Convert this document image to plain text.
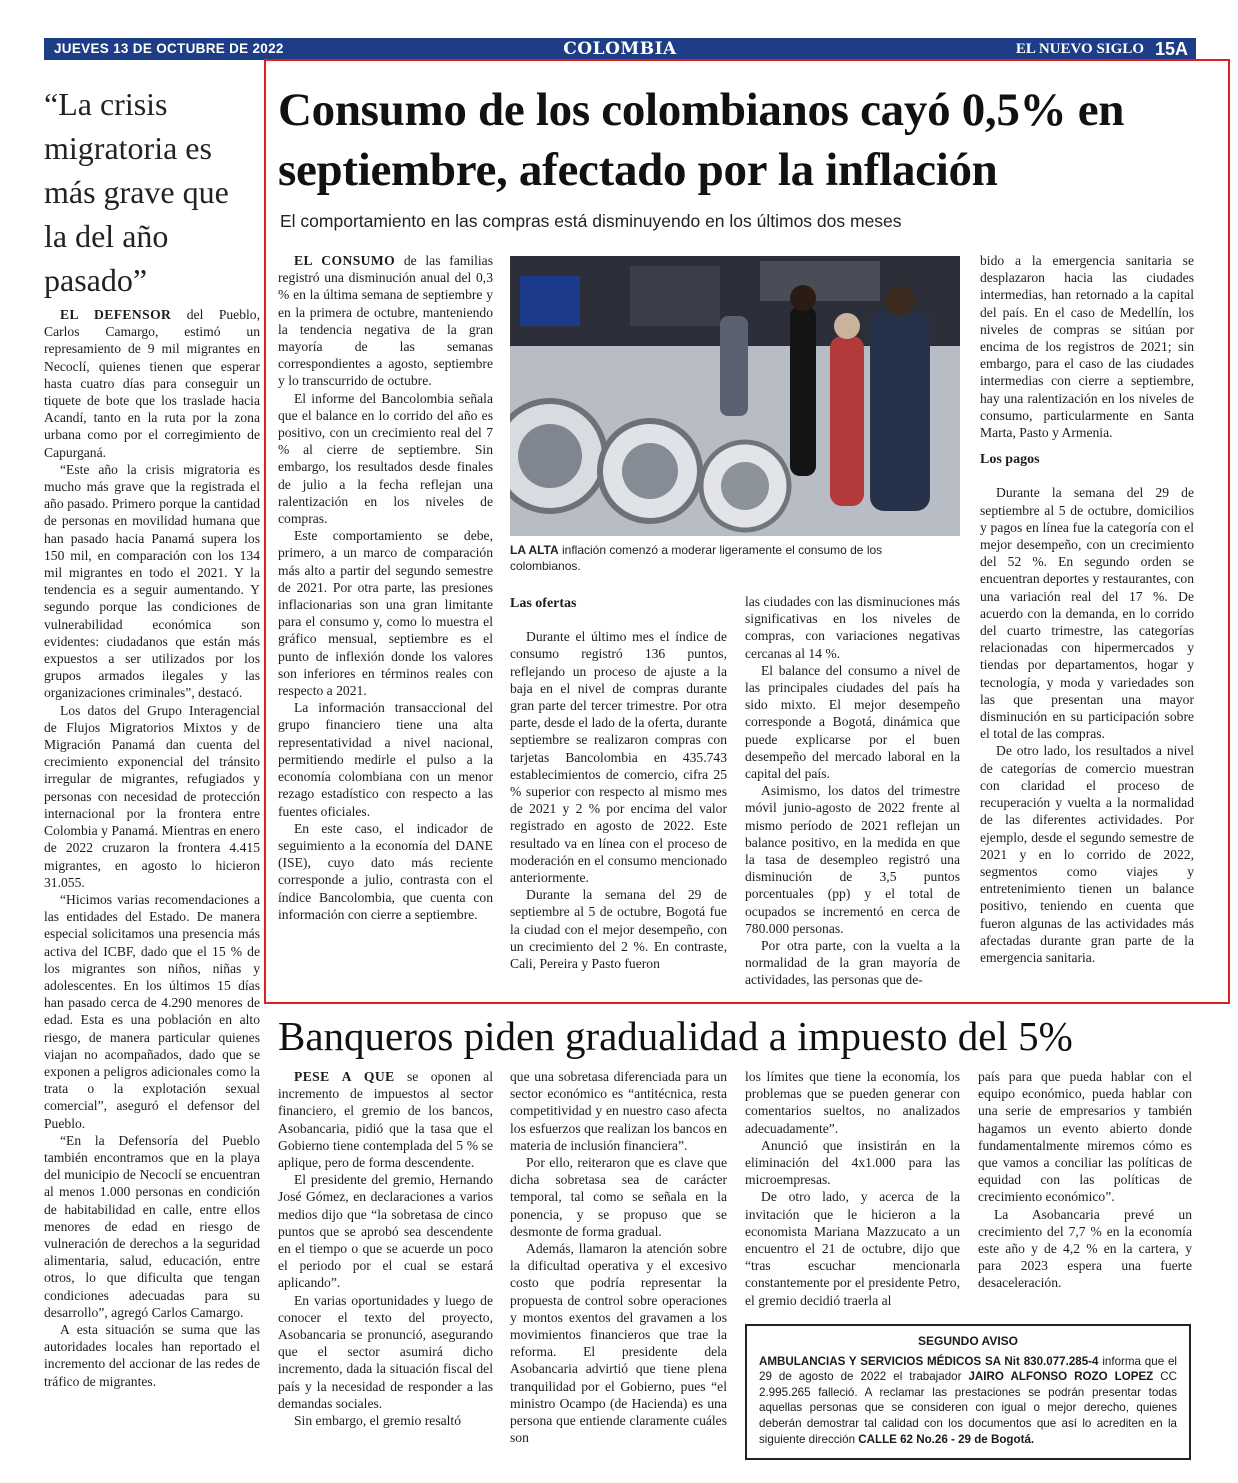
JUEVES 13 DE OCTUBRE DE 2022	COLOMBIA	EL NUEVO SIGLO 15A
“La crisis migratoria es más grave que la del año pasado”

EL DEFENSOR del Pueblo, Carlos Camargo, estimó un represamiento de 9 mil migrantes en Necoclí, quienes tienen que esperar hasta cuatro días para conseguir un tiquete de bote que los traslade hacia Acandí, tanto en la ruta por la zona urbana como por el corregimiento de Capurganá.

“Este año la crisis migratoria es mucho más grave que la registrada el año pasado. Primero porque la cantidad de personas en movilidad humana que han pasado hacia Panamá supera los 150 mil, en comparación con los 134 mil migrantes en todo el 2021. Y la tendencia es a seguir aumentando. Y segundo porque las condiciones de vulnerabilidad económica son evidentes: ciudadanos que están más expuestos a ser utilizados por los grupos armados ilegales y las organizaciones criminales”, destacó.

Los datos del Grupo Interagencial de Flujos Migratorios Mixtos y de Migración Panamá dan cuenta del crecimiento exponencial del tránsito irregular de migrantes, refugiados y personas con necesidad de protección internacional por la frontera entre Colombia y Panamá. Mientras en enero de 2022 cruzaron la frontera 4.415 migrantes, en agosto lo hicieron 31.055.

“Hicimos varias recomendaciones a las entidades del Estado. De manera especial solicitamos una presencia más activa del ICBF, dado que el 15 % de los migrantes son niños, niñas y adolescentes. En los últimos 15 días han pasado cerca de 4.290 menores de edad. Esta es una población en alto riesgo, de manera particular quienes viajan no acompañados, dado que se exponen a peligros adicionales como la trata o la explotación sexual comercial”, aseguró el defensor del Pueblo.

“En la Defensoría del Pueblo también encontramos que en la playa del municipio de Necoclí se encuentran al menos 1.000 personas en condición de habitabilidad en calle, entre ellos menores de edad en riesgo de vulneración de derechos a la seguridad alimentaria, salud, educación, entre otros, lo que dificulta que tengan condiciones adecuadas para su desarrollo”, agregó Carlos Camargo.

A esta situación se suma que las autoridades locales han reportado el incremento del accionar de las redes de tráfico de migrantes.

Consumo de los colombianos cayó 0,5% en septiembre, afectado por la inflación
El comportamiento en las compras está disminuyendo en los últimos dos meses

EL CONSUMO de las familias registró una disminución anual del 0,3 % en la última semana de septiembre y en la primera de octubre, manteniendo la tendencia negativa de la gran mayoría de las semanas correspondientes a agosto, septiembre y lo transcurrido de octubre.

El informe del Bancolombia señala que el balance en lo corrido del año es positivo, con un crecimiento real del 7 % al cierre de septiembre. Sin embargo, los resultados desde finales de julio a la fecha reflejan una ralentización en los niveles de compras.

Este comportamiento se debe, primero, a un marco de comparación más alto a partir del segundo semestre de 2021. Por otra parte, las presiones inflacionarias son una gran limitante para el consumo y, como lo muestra el gráfico mensual, septiembre es el punto de inflexión donde los valores son inferiores en términos reales con respecto a 2021.

La información transaccional del grupo financiero tiene una alta representatividad a nivel nacional, permitiendo medirle el pulso a la economía colombiana con un menor rezago estadístico con respecto a las fuentes oficiales.

En este caso, el indicador de seguimiento a la economía del DANE (ISE), cuyo dato más reciente corresponde a julio, contrasta con el índice Bancolombia, que cuenta con información con cierre a septiembre.

LA ALTA inflación comenzó a moderar ligeramente el consumo de los colombianos.

Las ofertas

Durante el último mes el índice de consumo registró 136 puntos, reflejando un proceso de ajuste a la baja en el nivel de compras durante gran parte del tercer trimestre. Por otra parte, desde el lado de la oferta, durante septiembre se realizaron compras con tarjetas Bancolombia en 435.743 establecimientos de comercio, cifra 25 % superior con respecto al mismo mes de 2021 y 2 % por encima del valor registrado en agosto de 2022. Este resultado va en línea con el proceso de moderación en el consumo mencionado anteriormente.

Durante la semana del 29 de septiembre al 5 de octubre, Bogotá fue la ciudad con el mejor desempeño, con un crecimiento del 2 %. En contraste, Cali, Pereira y Pasto fueron

las ciudades con las disminuciones más significativas en los niveles de compras, con variaciones negativas cercanas al 14 %.

El balance del consumo a nivel de las principales ciudades del país ha sido mixto. El mejor desempeño corresponde a Bogotá, dinámica que puede explicarse por el buen desempeño del mercado laboral en la capital del país.

Asimismo, los datos del trimestre móvil junio-agosto de 2022 frente al mismo período de 2021 reflejan un balance positivo, en la medida en que la tasa de desempleo registró una disminución de 3,5 puntos porcentuales (pp) y el total de ocupados se incrementó en cerca de 780.000 personas.

Por otra parte, con la vuelta a la normalidad de la gran mayoría de actividades, las personas que de-

bido a la emergencia sanitaria se desplazaron hacia las ciudades intermedias, han retornado a la capital del país. En el caso de Medellín, los niveles de compras se sitúan por encima de los registros de 2021; sin embargo, para el caso de las ciudades intermedias con cierre a septiembre, hay una ralentización en los niveles de consumo, particularmente en Santa Marta, Pasto y Armenia.

Los pagos

Durante la semana del 29 de septiembre al 5 de octubre, domicilios y pagos en línea fue la categoría con el mejor desempeño, con un crecimiento del 52 %. En segundo orden se encuentran deportes y restaurantes, con una variación real del 17 %. De acuerdo con la demanda, en lo corrido del cuarto trimestre, las categorías relacionadas con hipermercados y tiendas por departamentos, hogar y tecnología, y moda y variedades son las que presentan una mayor disminución en su participación sobre el total de las compras.

De otro lado, los resultados a nivel de categorías de comercio muestran con claridad el proceso de recuperación y vuelta a la normalidad de las diferentes actividades. Por ejemplo, desde el segundo semestre de 2021 y en lo corrido de 2022, segmentos como viajes y entretenimiento tienen un balance positivo, teniendo en cuenta que fueron algunas de las actividades más afectadas durante gran parte de la emergencia sanitaria.

Banqueros piden gradualidad a impuesto del 5%

PESE A QUE se oponen al incremento de impuestos al sector financiero, el gremio de los bancos, Asobancaria, pidió que la tasa que el Gobierno tiene contemplada del 5 % se aplique, pero de forma descendente.

El presidente del gremio, Hernando José Gómez, en declaraciones a varios medios dijo que “la sobretasa de cinco puntos que se aprobó sea descendente en el tiempo o que se acuerde un poco el periodo por el cual se estará aplicando”.

En varias oportunidades y luego de conocer el texto del proyecto, Asobancaria se pronunció, asegurando que el sector asumirá dicho incremento, dada la situación fiscal del país y la necesidad de responder a las demandas sociales.

Sin embargo, el gremio resaltó

que una sobretasa diferenciada para un sector económico es “antitécnica, resta competitividad y en nuestro caso afecta los esfuerzos que realizan los bancos en materia de inclusión financiera”.

Por ello, reiteraron que es clave que dicha sobretasa sea de carácter temporal, tal como se señala en la ponencia, y se propuso que se desmonte de forma gradual.

Además, llamaron la atención sobre la dificultad operativa y el excesivo costo que podría representar la propuesta de control sobre operaciones y montos exentos del gravamen a los movimientos financieros que trae la reforma. El presidente dela Asobancaria advirtió que tiene plena tranquilidad por el Gobierno, pues “el ministro Ocampo (de Hacienda) es una persona que entiende claramente cuáles son

los límites que tiene la economía, los problemas que se pueden generar con comentarios sueltos, no analizados adecuadamente”.

Anunció que insistirán en la eliminación del 4x1.000 para las microempresas.

De otro lado, y acerca de la invitación que le hicieron a la economista Mariana Mazzucato a un encuentro el 21 de octubre, dijo que “tras escuchar mencionarla constantemente por el presidente Petro, el gremio decidió traerla al

país para que pueda hablar con el equipo económico, pueda hablar con una serie de empresarios y también hagamos un evento abierto donde fundamentalmente miremos cómo es que vamos a conciliar las políticas de equidad con las políticas de crecimiento económico”.

La Asobancaria prevé un crecimiento del 7,7 % en la economía este año y de 4,2 % en la cartera, y para 2023 espera una fuerte desaceleración.

SEGUNDO AVISO
AMBULANCIAS Y SERVICIOS MÉDICOS SA Nit 830.077.285-4 informa que el 29 de agosto de 2022 el trabajador JAIRO ALFONSO ROZO LOPEZ CC 2.995.265 falleció. A reclamar las prestaciones se podrán presentar todas aquellas personas que se consideren con igual o mejor derecho, quienes deberán demostrar tal calidad con los documentos que así lo acrediten en la siguiente dirección CALLE 62 No.26 - 29 de Bogotá.
